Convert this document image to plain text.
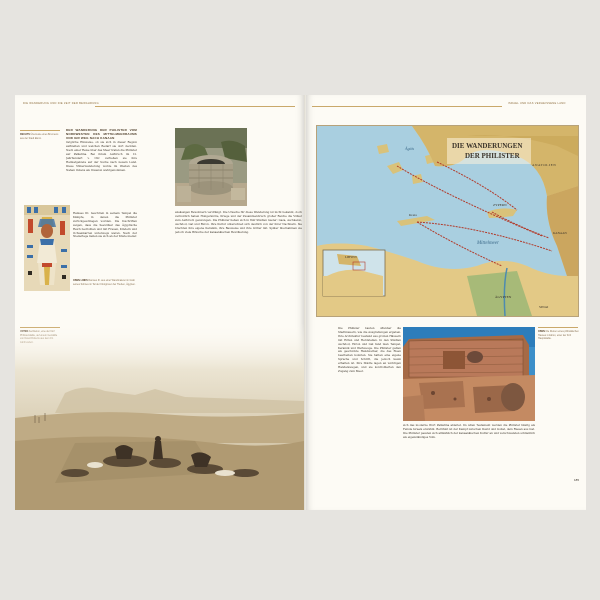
DIE WANDERUNG UND DIE ZEIT DER BEWAHRUNG
RECHTS Überreste eines Brunnens aus der Stadt Ekron.
DER WANDERUNG DER PHILISTER VOM NORDWESTEN DES MITTELMEERRAUMS UND IHR WEG NACH KANAAN

mögliche Hinweise, ob sie sich in dieser Region aufhielten und welchen Bedarf sie dort deckten. Nach einer Reise über das Meer trafen die Philister auf Palästina. Bei ihrem Aufbruch im 12. Jahrhundert v. Chr. verließen sie ihre Heimatgebiete auf der Suche nach neuem Land. Diese Völkerwanderung wurde im Westen des Nahen Ostens als Invasion wahrgenommen.

Ramses III. beschrieb in seinem Tempel die Kämpfe, in denen die Philister zurückgeschlagen wurden. Die Inschriften zeigen, dass die Seevölker das Ägyptische Reich bedrohten und mit Frauen, Kindern und Ochsenkarren unterwegs waren. Nach der Niederlage ließen sie sich an der Küste nieder.

OBEN LINKS Ramses III. aus einer Wandmalerei im Grab seines Sohnes im Tal der Königinnen bei Theben, Ägypten.

ansässigen Bewohnern verdrängt. Die Ursache für diese Wanderung ist nicht bekannt, doch vermutlich haben Hungersnöte, Kriege und der Zusammenbruch großer Reiche die Völker zum Aufbruch gezwungen. Die Philister ließen sich in fünf Städten nieder: Gaza, Aschkelon, Aschdod, Gat und Ekron. Ihre Kultur unterschied sich deutlich von der ihrer Nachbarn. Sie brachten ihre eigene Keramik, ihre Bauweise und ihre Götter mit. Später übernahmen sie jedoch viele Bräuche der kanaanäischen Bevölkerung.

ISRAEL UND DAS VERHEISSENE LAND
DIE WANDERUNGEN
DER PHILISTER
Ägäis
Mittelmeer
Kreta
ZYPERN
ANATOLIEN
LIBYEN
ÄGYPTEN
SINAI
KANAAN

Die Philister bauten offenbar die Stadtmauern, wie die Ausgrabungen ergaben. Ihre Architektur bestand aus großen Häusern mit Höfen und Herdstellen. In den Städten Aschdod, Ekron und Gat fand man Tempel, Keramik und Werkzeuge. Die Philister galten als geschickte Handwerker, die das Eisen bearbeiten konnten. Sie hatten eine eigene Sprache und Schrift, die jedoch kaum erhalten ist. Ihre Städte lagen an wichtigen Handelswegen, und sie kontrollierten den Zugang zum Meer.

OBEN Die Ruinen eines philistäischen Hauses in Ekron, einer der fünf Hauptstädte.

sich das moderne Wort Palästina ableitet. Im Alten Testament werden die Philister häufig als Feinde Israels erwähnt. Berühmt ist der Kampf zwischen David und Goliat, dem Riesen aus Gat. Die Philister passten sich allmählich der kanaanäischen Kultur an und verschwanden schließlich als eigenständiges Volk.

185
